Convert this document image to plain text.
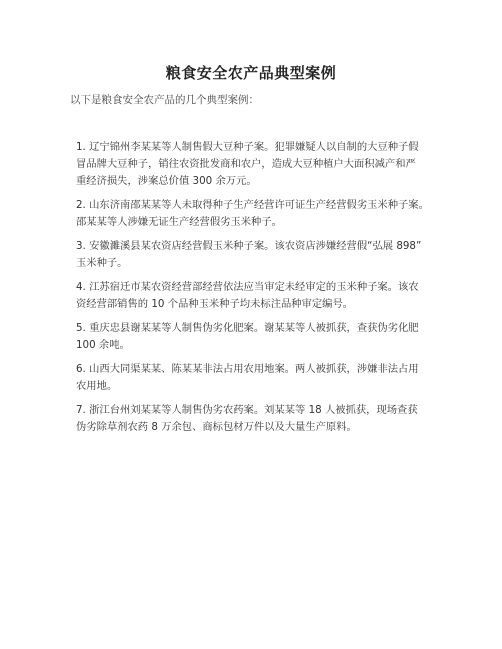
粮食安全农产品典型案例
以下是粮食安全农产品的几个典型案例：
1. 辽宁锦州李某某等人制售假大豆种子案。犯罪嫌疑人以自制的大豆种子假
冒品牌大豆种子，销往农资批发商和农户，造成大豆种植户大面积减产和严
重经济损失，涉案总价值 300 余万元。
2. 山东济南邵某某等人未取得种子生产经营许可证生产经营假劣玉米种子案。
邵某某等人涉嫌无证生产经营假劣玉米种子。
3. 安徽濉溪县某农资店经营假玉米种子案。该农资店涉嫌经营假“弘展 898”
玉米种子。
4. 江苏宿迁市某农资经营部经营依法应当审定未经审定的玉米种子案。该农
资经营部销售的 10 个品种玉米种子均未标注品种审定编号。
5. 重庆忠县谢某某等人制售伪劣化肥案。谢某某等人被抓获，查获伪劣化肥
100 余吨。
6. 山西大同渠某某、陈某某非法占用农用地案。两人被抓获，涉嫌非法占用
农用地。
7. 浙江台州刘某某等人制售伪劣农药案。刘某某等 18 人被抓获，现场查获
伪劣除草剂农药 8 万余包、商标包材万件以及大量生产原料。
